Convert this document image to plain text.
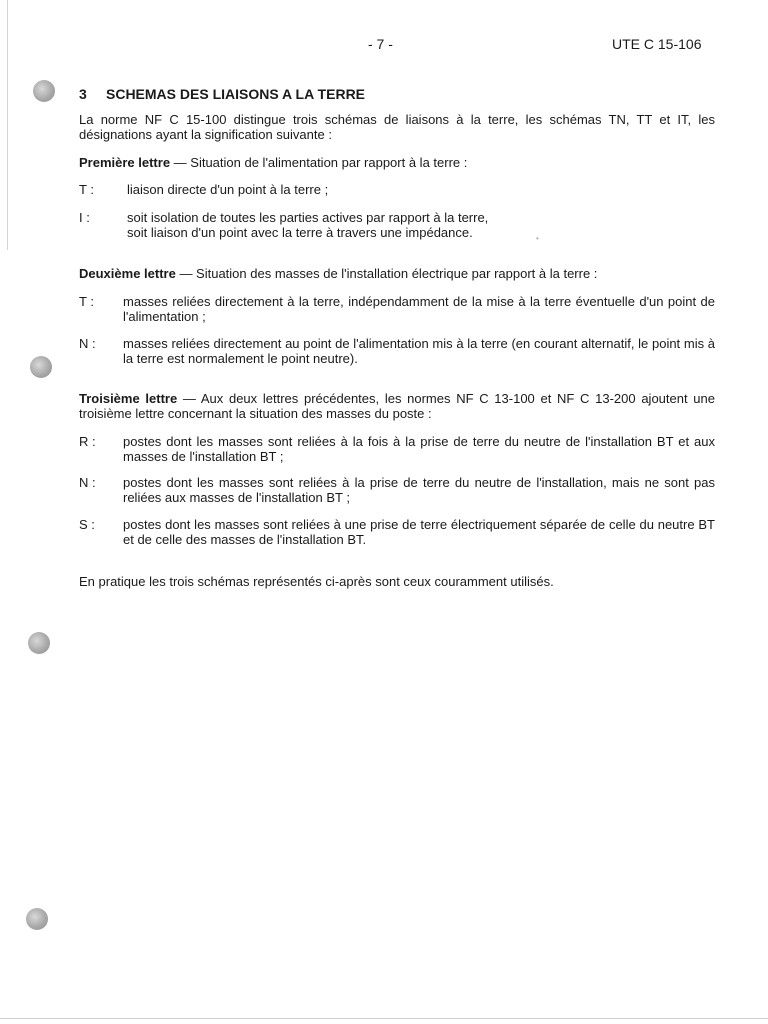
- 7 -	UTE C 15-106
3 SCHEMAS DES LIAISONS A LA TERRE

La norme NF C 15-100 distingue trois schémas de liaisons à la terre, les schémas TN, TT et IT, les désignations ayant la signification suivante :

Première lettre — Situation de l'alimentation par rapport à la terre :

T :	liaison directe d'un point à la terre ;
I :	soit isolation de toutes les parties actives par rapport à la terre,
soit liaison d'un point avec la terre à travers une impédance.	•

Deuxième lettre — Situation des masses de l'installation électrique par rapport à la terre :

T : masses reliées directement à la terre, indépendamment de la mise à la terre éventuelle d'un point de l'alimentation ;
N : masses reliées directement au point de l'alimentation mis à la terre (en courant alternatif, le point mis à la terre est normalement le point neutre).

Troisième lettre — Aux deux lettres précédentes, les normes NF C 13-100 et NF C 13-200 ajoutent une troisième lettre concernant la situation des masses du poste :

R : postes dont les masses sont reliées à la fois à la prise de terre du neutre de l'installation BT et aux masses de l'installation BT ;
N : postes dont les masses sont reliées à la prise de terre du neutre de l'installation, mais ne sont pas reliées aux masses de l'installation BT ;
S : postes dont les masses sont reliées à une prise de terre électriquement séparée de celle du neutre BT et de celle des masses de l'installation BT.

En pratique les trois schémas représentés ci-après sont ceux couramment utilisés.
